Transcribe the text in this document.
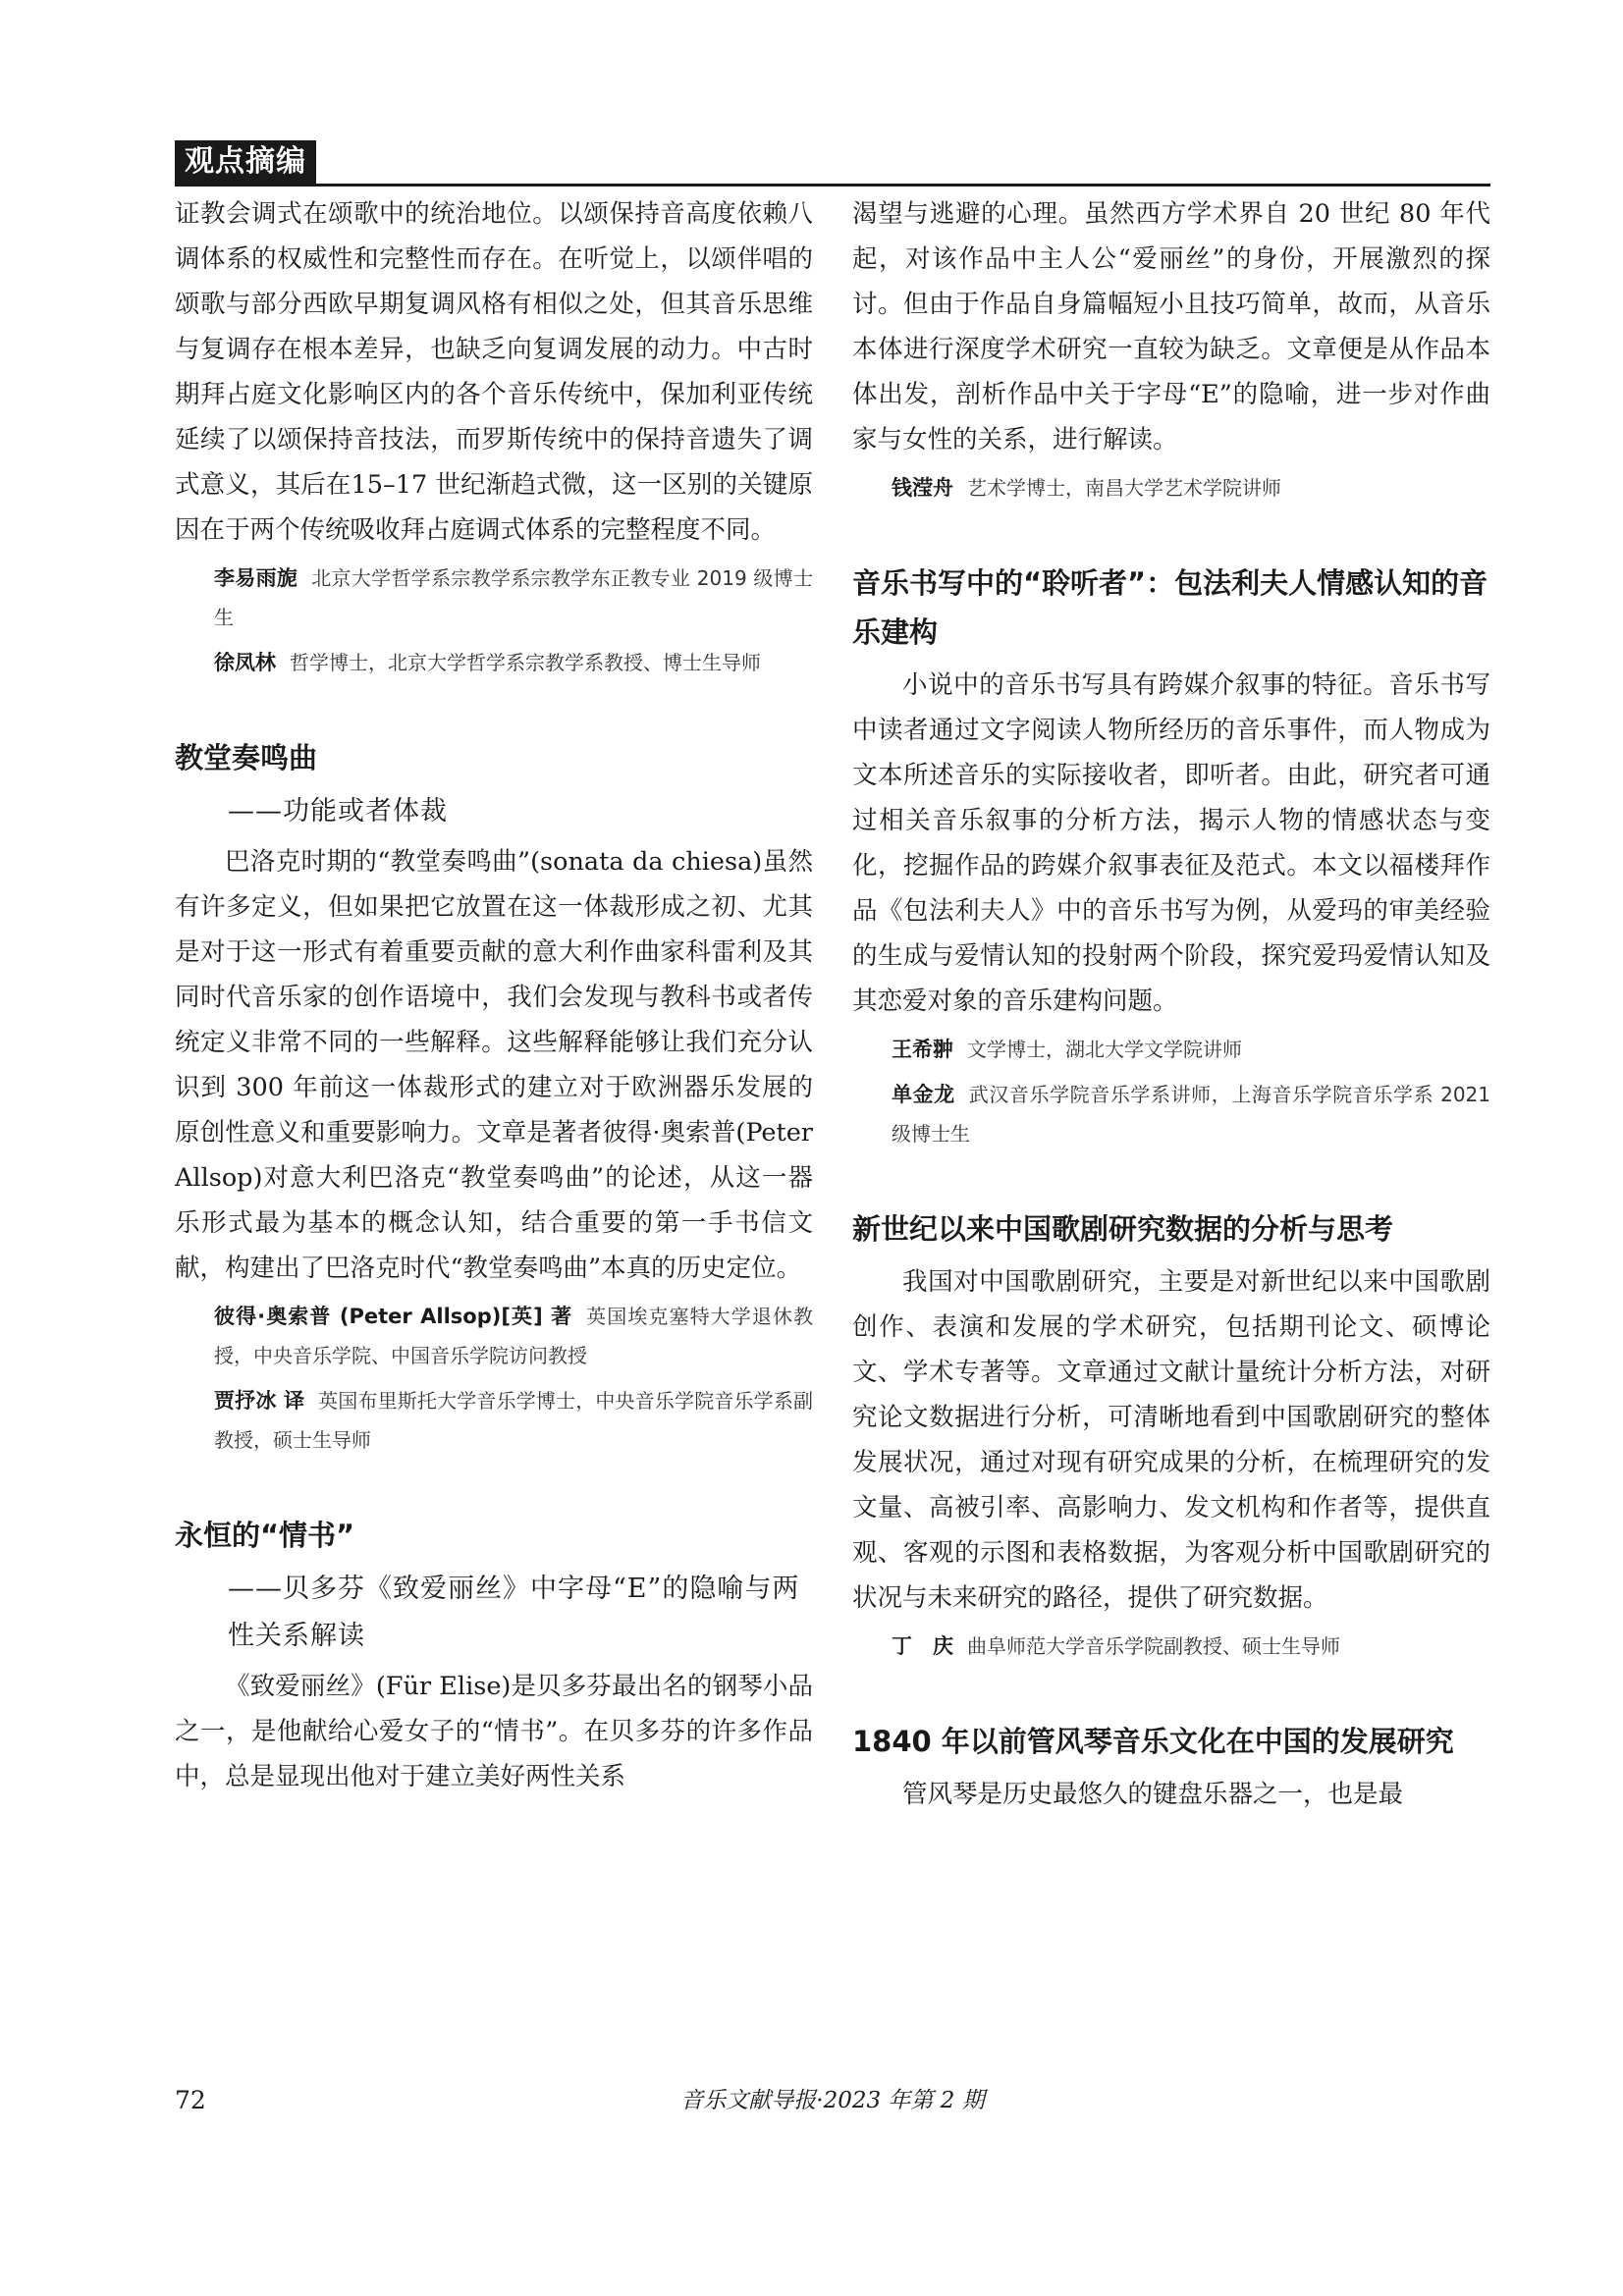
观点摘编

证教会调式在颂歌中的统治地位。以颂保持音高度依赖八调体系的权威性和完整性而存在。在听觉上，以颂伴唱的颂歌与部分西欧早期复调风格有相似之处，但其音乐思维与复调存在根本差异，也缺乏向复调发展的动力。中古时期拜占庭文化影响区内的各个音乐传统中，保加利亚传统延续了以颂保持音技法，而罗斯传统中的保持音遗失了调式意义，其后在15–17 世纪渐趋式微，这一区别的关键原因在于两个传统吸收拜占庭调式体系的完整程度不同。

李易雨旎 北京大学哲学系宗教学系宗教学东正教专业 2019 级博士生

徐凤林 哲学博士，北京大学哲学系宗教学系教授、博士生导师

教堂奏鸣曲
——功能或者体裁

巴洛克时期的“教堂奏鸣曲”(sonata da chiesa)虽然有许多定义，但如果把它放置在这一体裁形成之初、尤其是对于这一形式有着重要贡献的意大利作曲家科雷利及其同时代音乐家的创作语境中，我们会发现与教科书或者传统定义非常不同的一些解释。这些解释能够让我们充分认识到 300 年前这一体裁形式的建立对于欧洲器乐发展的原创性意义和重要影响力。文章是著者彼得·奥索普(Peter Allsop)对意大利巴洛克“教堂奏鸣曲”的论述，从这一器乐形式最为基本的概念认知，结合重要的第一手书信文献，构建出了巴洛克时代“教堂奏鸣曲”本真的历史定位。

彼得·奥索普 (Peter Allsop)[英] 著 英国埃克塞特大学退休教授，中央音乐学院、中国音乐学院访问教授

贾抒冰 译 英国布里斯托大学音乐学博士，中央音乐学院音乐学系副教授，硕士生导师

永恒的“情书”
——贝多芬《致爱丽丝》中字母“E”的隐喻与两性关系解读

《致爱丽丝》(Für Elise)是贝多芬最出名的钢琴小品之一，是他献给心爱女子的“情书”。在贝多芬的许多作品中，总是显现出他对于建立美好两性关系

渴望与逃避的心理。虽然西方学术界自 20 世纪 80 年代起，对该作品中主人公“爱丽丝”的身份，开展激烈的探讨。但由于作品自身篇幅短小且技巧简单，故而，从音乐本体进行深度学术研究一直较为缺乏。文章便是从作品本体出发，剖析作品中关于字母“E”的隐喻，进一步对作曲家与女性的关系，进行解读。

钱滢舟 艺术学博士，南昌大学艺术学院讲师

音乐书写中的“聆听者”：包法利夫人情感认知的音乐建构

小说中的音乐书写具有跨媒介叙事的特征。音乐书写中读者通过文字阅读人物所经历的音乐事件，而人物成为文本所述音乐的实际接收者，即听者。由此，研究者可通过相关音乐叙事的分析方法，揭示人物的情感状态与变化，挖掘作品的跨媒介叙事表征及范式。本文以福楼拜作品《包法利夫人》中的音乐书写为例，从爱玛的审美经验的生成与爱情认知的投射两个阶段，探究爱玛爱情认知及其恋爱对象的音乐建构问题。

王希翀 文学博士，湖北大学文学院讲师

单金龙 武汉音乐学院音乐学系讲师，上海音乐学院音乐学系 2021 级博士生

新世纪以来中国歌剧研究数据的分析与思考

我国对中国歌剧研究，主要是对新世纪以来中国歌剧创作、表演和发展的学术研究，包括期刊论文、硕博论文、学术专著等。文章通过文献计量统计分析方法，对研究论文数据进行分析，可清晰地看到中国歌剧研究的整体发展状况，通过对现有研究成果的分析，在梳理研究的发文量、高被引率、高影响力、发文机构和作者等，提供直观、客观的示图和表格数据，为客观分析中国歌剧研究的状况与未来研究的路径，提供了研究数据。

丁　庆 曲阜师范大学音乐学院副教授、硕士生导师

1840 年以前管风琴音乐文化在中国的发展研究

管风琴是历史最悠久的键盘乐器之一，也是最

72	音乐文献导报·2023 年第 2 期
